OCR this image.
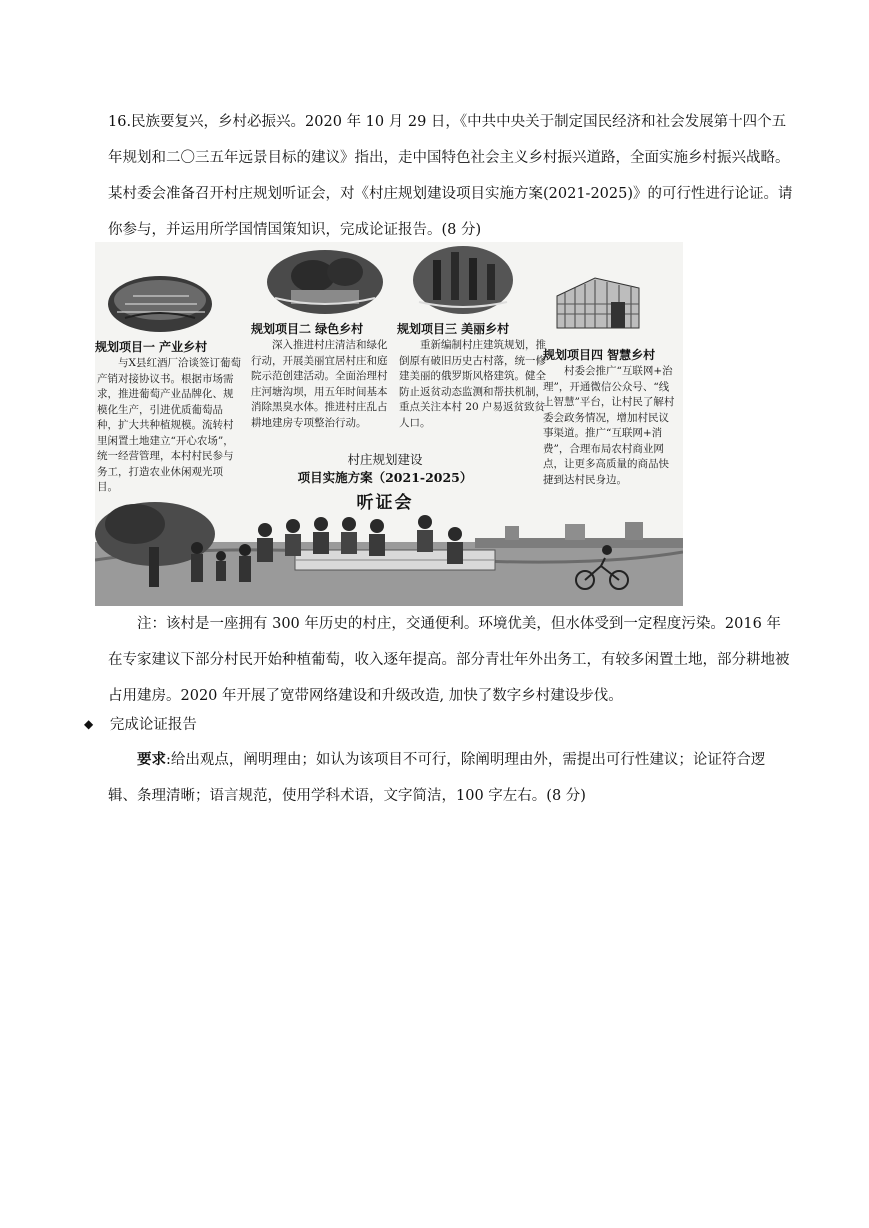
16.民族要复兴，乡村必振兴。2020 年 10 月 29 日，《中共中央关于制定国民经济和社会发展第十四个五年规划和二〇三五年远景目标的建议》指出，走中国特色社会主义乡村振兴道路，全面实施乡村振兴战略。某村委会准备召开村庄规划听证会，对《村庄规划建设项目实施方案(2021-2025)》的可行性进行论证。请你参与，并运用所学国情国策知识，完成论证报告。(8 分)

规划项目一 产业乡村
与X县红酒厂洽谈签订葡萄产销对接协议书。根据市场需求，推进葡萄产业品牌化、规模化生产，引进优质葡萄品种，扩大共种植规模。流转村里闲置土地建立“开心农场”，统一经营管理，本村村民参与务工，打造农业休闲观光项目。
规划项目二 绿色乡村
深入推进村庄清洁和绿化行动，开展美丽宜居村庄和庭院示范创建活动。全面治理村庄河塘沟坝，用五年时间基本消除黑臭水体。推进村庄乱占耕地建房专项整治行动。
规划项目三 美丽乡村
重新编制村庄建筑规划，推倒原有破旧历史古村落，统一修建美丽的俄罗斯风格建筑。健全防止返贫动态监测和帮扶机制，重点关注本村 20 户易返贫致贫人口。
规划项目四 智慧乡村
村委会推广“互联网+治理”，开通微信公众号、“线上智慧”平台，让村民了解村委会政务情况，增加村民议事渠道。推广“互联网+消费”，合理布局农村商业网点，让更多高质量的商品快捷到达村民身边。
村庄规划建设
项目实施方案（2021-2025）
听证会

注：该村是一座拥有 300 年历史的村庄，交通便利。环境优美，但水体受到一定程度污染。2016 年在专家建议下部分村民开始种植葡萄，收入逐年提高。部分青壮年外出务工，有较多闲置土地，部分耕地被占用建房。2020 年开展了宽带网络建设和升级改造, 加快了数字乡村建设步伐。

◆ 完成论证报告

要求:给出观点，阐明理由；如认为该项目不可行，除阐明理由外，需提出可行性建议；论证符合逻辑、条理清晰；语言规范，使用学科术语，文字简洁，100 字左右。(8 分)
